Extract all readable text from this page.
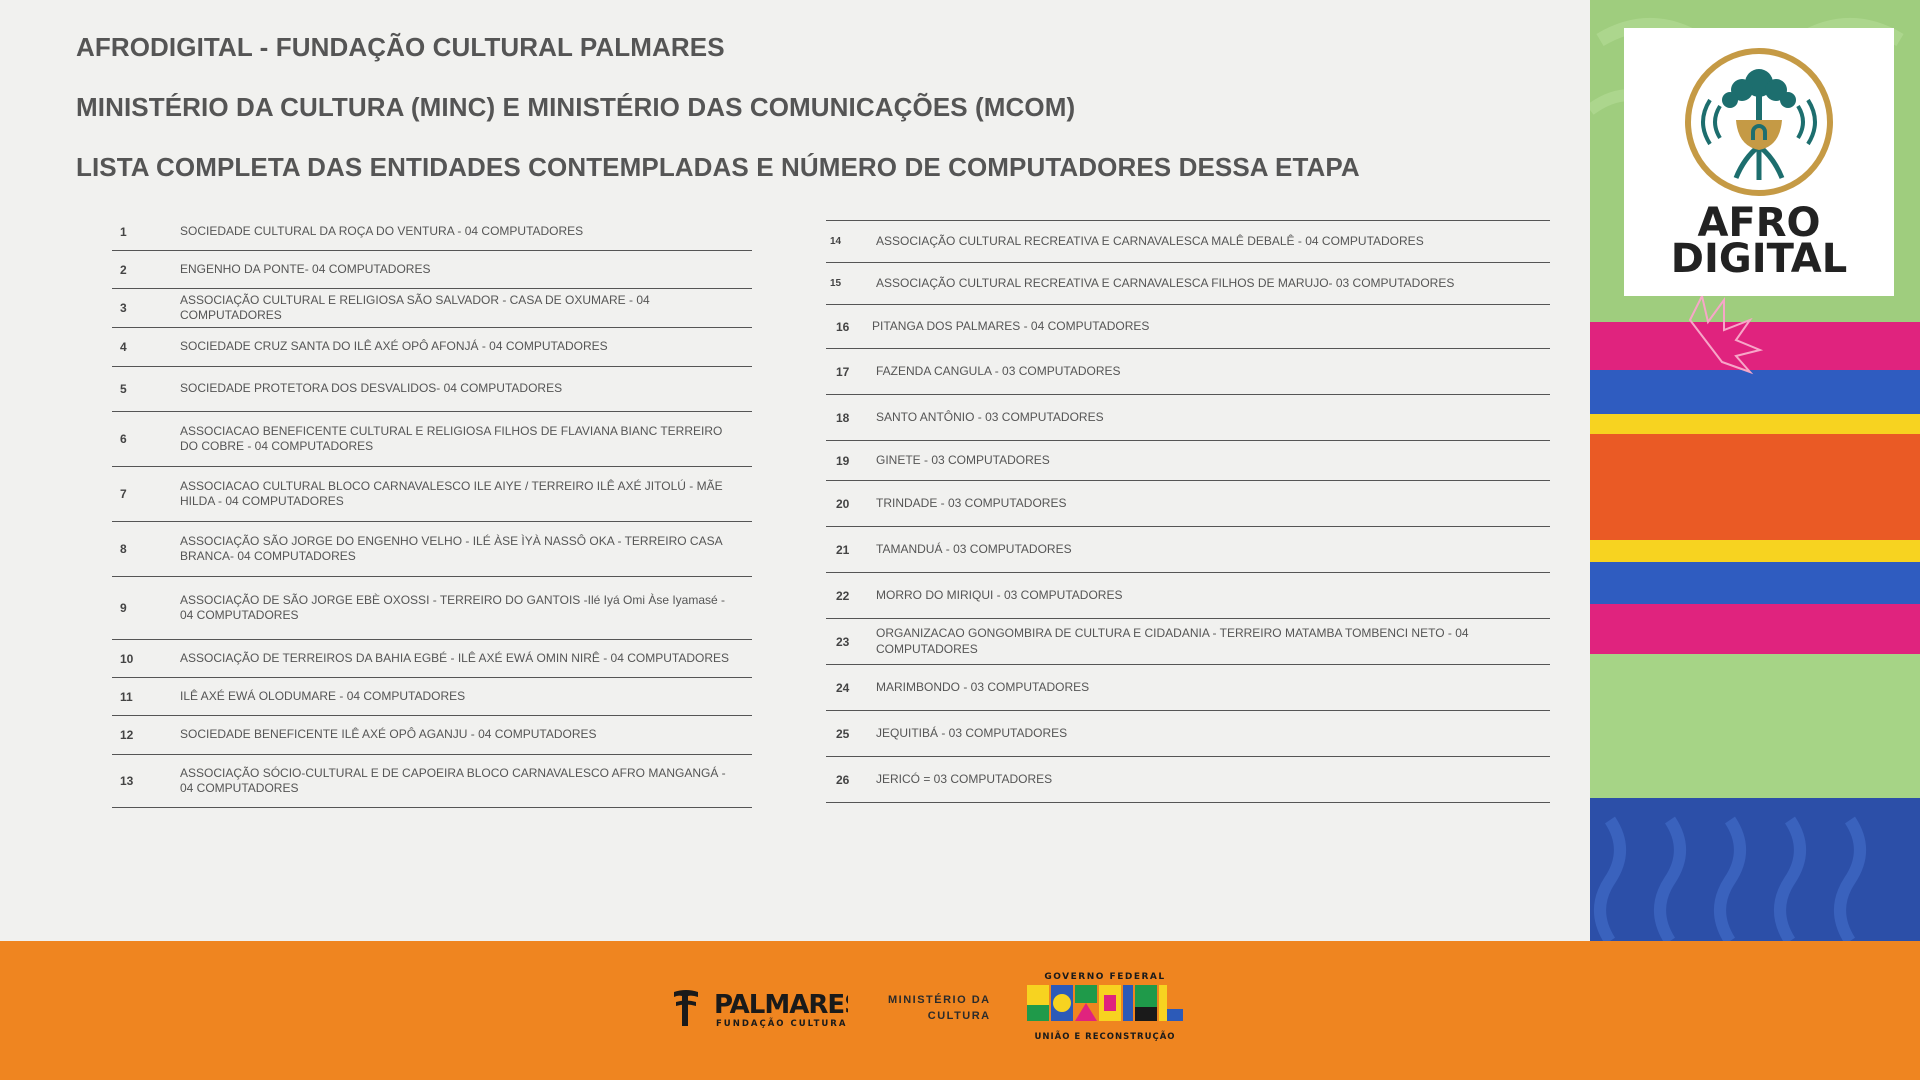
AFRODIGITAL - FUNDAÇÃO CULTURAL PALMARES
MINISTÉRIO DA CULTURA (MINC) E MINISTÉRIO DAS COMUNICAÇÕES (MCOM)
LISTA COMPLETA DAS ENTIDADES CONTEMPLADAS E NÚMERO DE COMPUTADORES DESSA ETAPA
1	SOCIEDADE CULTURAL DA ROÇA DO VENTURA - 04 COMPUTADORES
2	ENGENHO DA PONTE- 04 COMPUTADORES
3
ASSOCIAÇÃO CULTURAL E RELIGIOSA SÃO SALVADOR - CASA DE OXUMARE - 04 COMPUTADORES
4	SOCIEDADE CRUZ SANTA DO ILÊ AXÉ OPÔ AFONJÁ - 04 COMPUTADORES
5	SOCIEDADE PROTETORA DOS DESVALIDOS- 04 COMPUTADORES
6
ASSOCIACAO BENEFICENTE CULTURAL E RELIGIOSA FILHOS DE FLAVIANA BIANC TERREIRO DO COBRE - 04 COMPUTADORES
7
ASSOCIACAO CULTURAL BLOCO CARNAVALESCO ILE AIYE / TERREIRO ILÊ AXÉ JITOLÚ - MÃE HILDA - 04 COMPUTADORES
8
ASSOCIAÇÃO SÃO JORGE DO ENGENHO VELHO - ILÉ ÀSE ÌYÀ NASSÔ OKA - TERREIRO CASA BRANCA- 04 COMPUTADORES
9
ASSOCIAÇÃO DE SÃO JORGE EBÈ OXOSSI - TERREIRO DO GANTOIS -Ilé Iyá Omi Àse Iyamasé - 04 COMPUTADORES
10	ASSOCIAÇÃO DE TERREIROS DA BAHIA EGBÉ - ILÊ AXÉ EWÁ OMIN NIRÊ - 04 COMPUTADORES
11	ILÊ AXÉ EWÁ OLODUMARE - 04 COMPUTADORES
12	SOCIEDADE BENEFICENTE ILÊ AXÉ OPÔ AGANJU - 04 COMPUTADORES
13
ASSOCIAÇÃO SÓCIO-CULTURAL E DE CAPOEIRA BLOCO CARNAVALESCO AFRO MANGANGÁ - 04 COMPUTADORES
14	ASSOCIAÇÃO CULTURAL RECREATIVA E CARNAVALESCA MALÊ DEBALÊ - 04 COMPUTADORES
15	ASSOCIAÇÃO CULTURAL RECREATIVA E CARNAVALESCA FILHOS DE MARUJO- 03 COMPUTADORES
16 PITANGA DOS PALMARES - 04 COMPUTADORES
17 FAZENDA CANGULA - 03 COMPUTADORES
18 SANTO ANTÔNIO - 03 COMPUTADORES
19 GINETE - 03 COMPUTADORES
20 TRINDADE - 03 COMPUTADORES
21 TAMANDUÁ - 03 COMPUTADORES
22 MORRO DO MIRIQUI - 03 COMPUTADORES
23
ORGANIZACAO GONGOMBIRA DE CULTURA E CIDADANIA - TERREIRO MATAMBA TOMBENCI NETO - 04 COMPUTADORES
24 MARIMBONDO - 03 COMPUTADORES
25 JEQUITIBÁ - 03 COMPUTADORES
26 JERICÓ = 03 COMPUTADORES
AFRO
DIGITAL
PALMARES
FUNDAÇÃO CULTURAL
MINISTÉRIO DA
CULTURA
GOVERNO FEDERAL
UNIÃO E RECONSTRUÇÃO
